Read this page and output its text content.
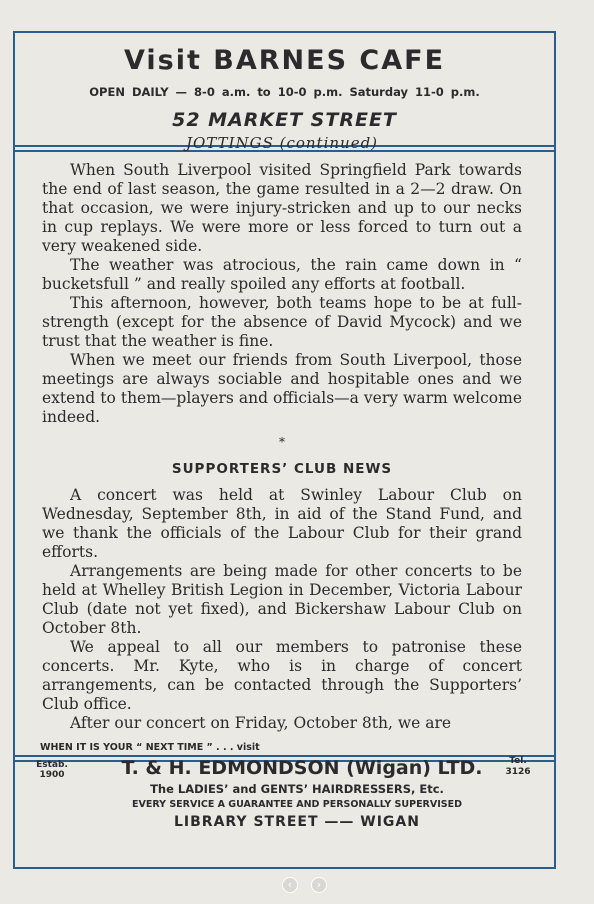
Visit BARNES CAFE
OPEN DAILY — 8-0 a.m. to 10-0 p.m. Saturday 11-0 p.m.
52 MARKET STREET
JOTTINGS (continued)

When South Liverpool visited Springfield Park towards the end of last season, the game resulted in a 2—2 draw. On that occasion, we were injury-stricken and up to our necks in cup replays. We were more or less forced to turn out a very weakened side.

The weather was atrocious, the rain came down in “ bucketsfull ” and really spoiled any efforts at football.

This afternoon, however, both teams hope to be at full-strength (except for the absence of David Mycock) and we trust that the weather is fine.

When we meet our friends from South Liverpool, those meetings are always sociable and hospitable ones and we extend to them—players and officials—a very warm welcome indeed.

*
SUPPORTERS’ CLUB NEWS

A concert was held at Swinley Labour Club on Wednesday, September 8th, in aid of the Stand Fund, and we thank the officials of the Labour Club for their grand efforts.

Arrangements are being made for other concerts to be held at Whelley British Legion in December, Victoria Labour Club (date not yet fixed), and Bickershaw Labour Club on October 8th.

We appeal to all our members to patronise these concerts. Mr. Kyte, who is in charge of concert arrangements, can be contacted through the Supporters’ Club office.

After our concert on Friday, October 8th, we are

WHEN IT IS YOUR “ NEXT TIME ” . . . visit
Estab. 1900	T. & H. EDMONDSON (Wigan) LTD.	Tel. 3126
The LADIES’ and GENTS’ HAIRDRESSERS, Etc.
EVERY SERVICE A GUARANTEE AND PERSONALLY SUPERVISED
LIBRARY STREET —— WIGAN
‹	›
